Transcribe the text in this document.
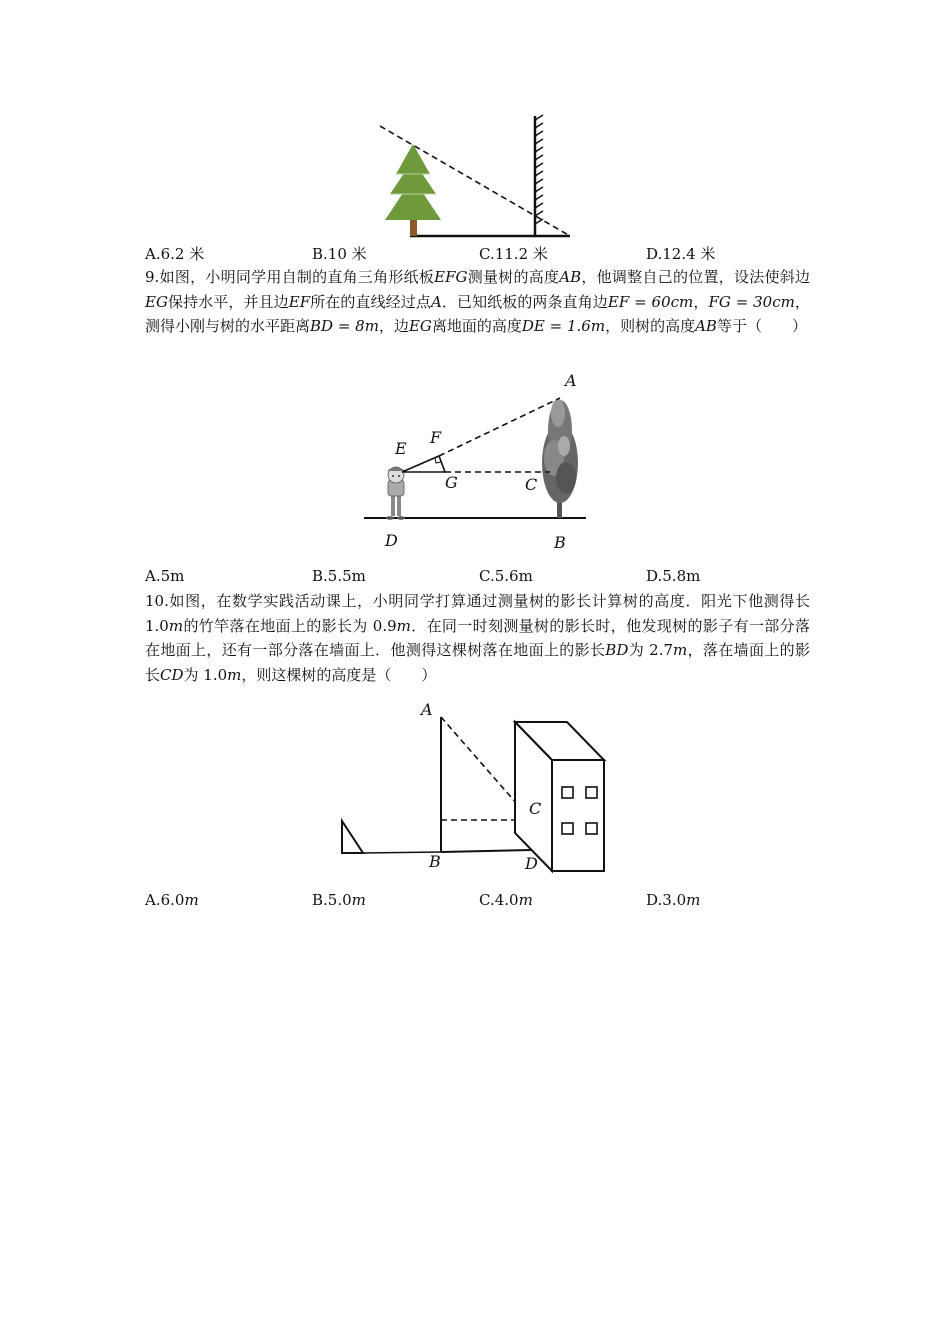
A.6.2 米	B.10 米	C.11.2 米	D.12.4 米
9.如图，小明同学用自制的直角三角形纸板EFG测量树的高度AB，他调整自己的位置，设法使斜边EG保持水平，并且边EF所在的直线经过点A．已知纸板的两条直角边EF = 60cm，FG = 30cm，测得小刚与树的水平距离BD = 8m，边EG离地面的高度DE = 1.6m，则树的高度AB等于（　　）
A
E
F
G	C
D	B
A.5m	B.5.5m	C.5.6m	D.5.8m
10.如图，在数学实践活动课上，小明同学打算通过测量树的影长计算树的高度．阳光下他测得长 1.0m的竹竿落在地面上的影长为 0.9m．在同一时刻测量树的影长时，他发现树的影子有一部分落在地面上，还有一部分落在墙面上．他测得这棵树落在地面上的影长BD为 2.7m，落在墙面上的影长CD为 1.0m，则这棵树的高度是（　　）
A
C
B	D
A.6.0m	B.5.0m	C.4.0m	D.3.0m
